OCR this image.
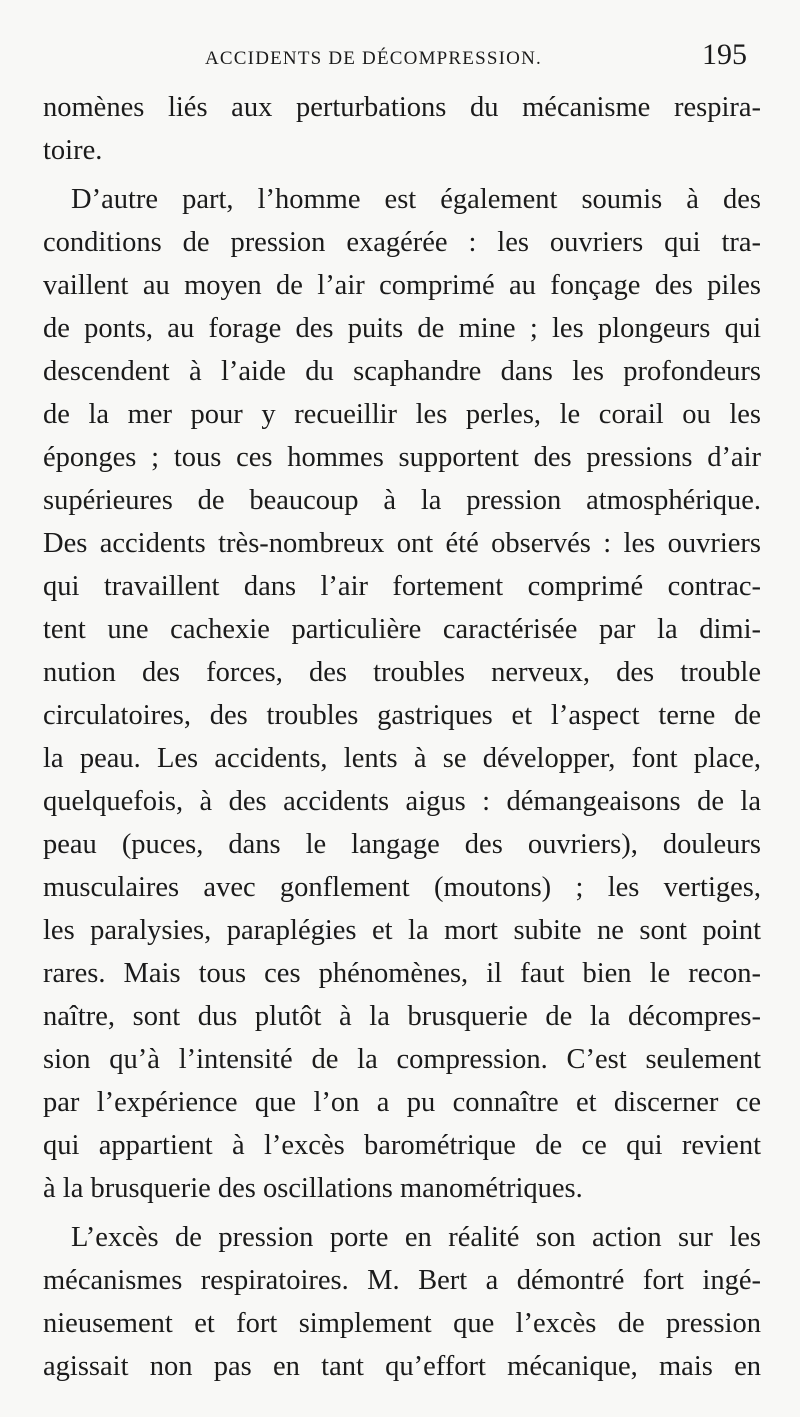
ACCIDENTS DE DÉCOMPRESSION.	195
nomènes liés aux perturbations du mécanisme respira-
toire.
D’autre part, l’homme est également soumis à des
conditions de pression exagérée : les ouvriers qui tra-
vaillent au moyen de l’air comprimé au fonçage des piles
de ponts, au forage des puits de mine ; les plongeurs qui
descendent à l’aide du scaphandre dans les profondeurs
de la mer pour y recueillir les perles, le corail ou les
éponges ; tous ces hommes supportent des pressions d’air
supérieures de beaucoup à la pression atmosphérique.
Des accidents très-nombreux ont été observés : les ouvriers
qui travaillent dans l’air fortement comprimé contrac-
tent une cachexie particulière caractérisée par la dimi-
nution des forces, des troubles nerveux, des trouble
circulatoires, des troubles gastriques et l’aspect terne de
la peau. Les accidents, lents à se développer, font place,
quelquefois, à des accidents aigus : démangeaisons de la
peau (puces, dans le langage des ouvriers), douleurs
musculaires avec gonflement (moutons) ; les vertiges,
les paralysies, paraplégies et la mort subite ne sont point
rares. Mais tous ces phénomènes, il faut bien le recon-
naître, sont dus plutôt à la brusquerie de la décompres-
sion qu’à l’intensité de la compression. C’est seulement
par l’expérience que l’on a pu connaître et discerner ce
qui appartient à l’excès barométrique de ce qui revient
à la brusquerie des oscillations manométriques.
L’excès de pression porte en réalité son action sur les
mécanismes respiratoires. M. Bert a démontré fort ingé-
nieusement et fort simplement que l’excès de pression
agissait non pas en tant qu’effort mécanique, mais en
